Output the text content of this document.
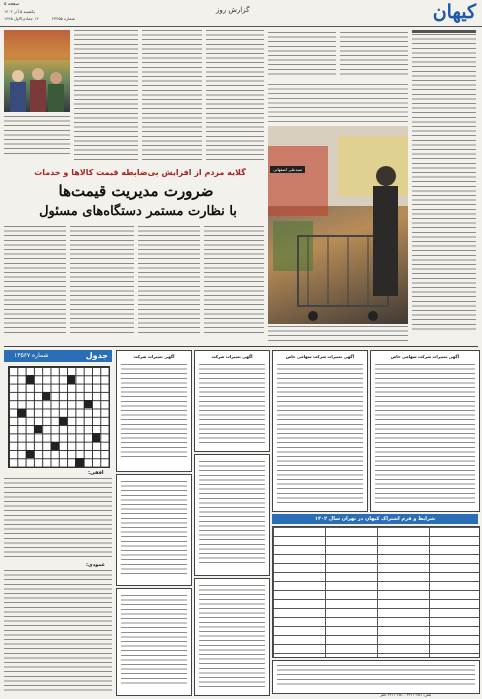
کیهان
گزارش روز
صفحه ۵
یکشنبه ۵ آذر ۱۴۰۲
۱۲ جمادی‌الاول ۱۴۴۵	شماره ۲۳۴۵۵
گلایه مردم از افزایش بی‌ضابطه قیمت کالاها و خدمات
ضرورت مدیریت قیمت‌ها
با نظارت مستمر دستگاه‌های مسئول
سیدعلی اصفهانی
جدول
شماره ۱۳۵۶۷
افقی:
عمودی:
آگهی تغییرات شرکت	آگهی تغییرات شرکت	آگهی تغییرات شرکت سهامی خاص	آگهی تغییرات شرکت سهامی خاص
شرایط و فرم اشتراک کیهان در تهران سال ۱۴۰۲
تلفن: ۳۳۱۱۰۲۵۱ - ۳۳۱۱۰۲۵۱ دفتر
